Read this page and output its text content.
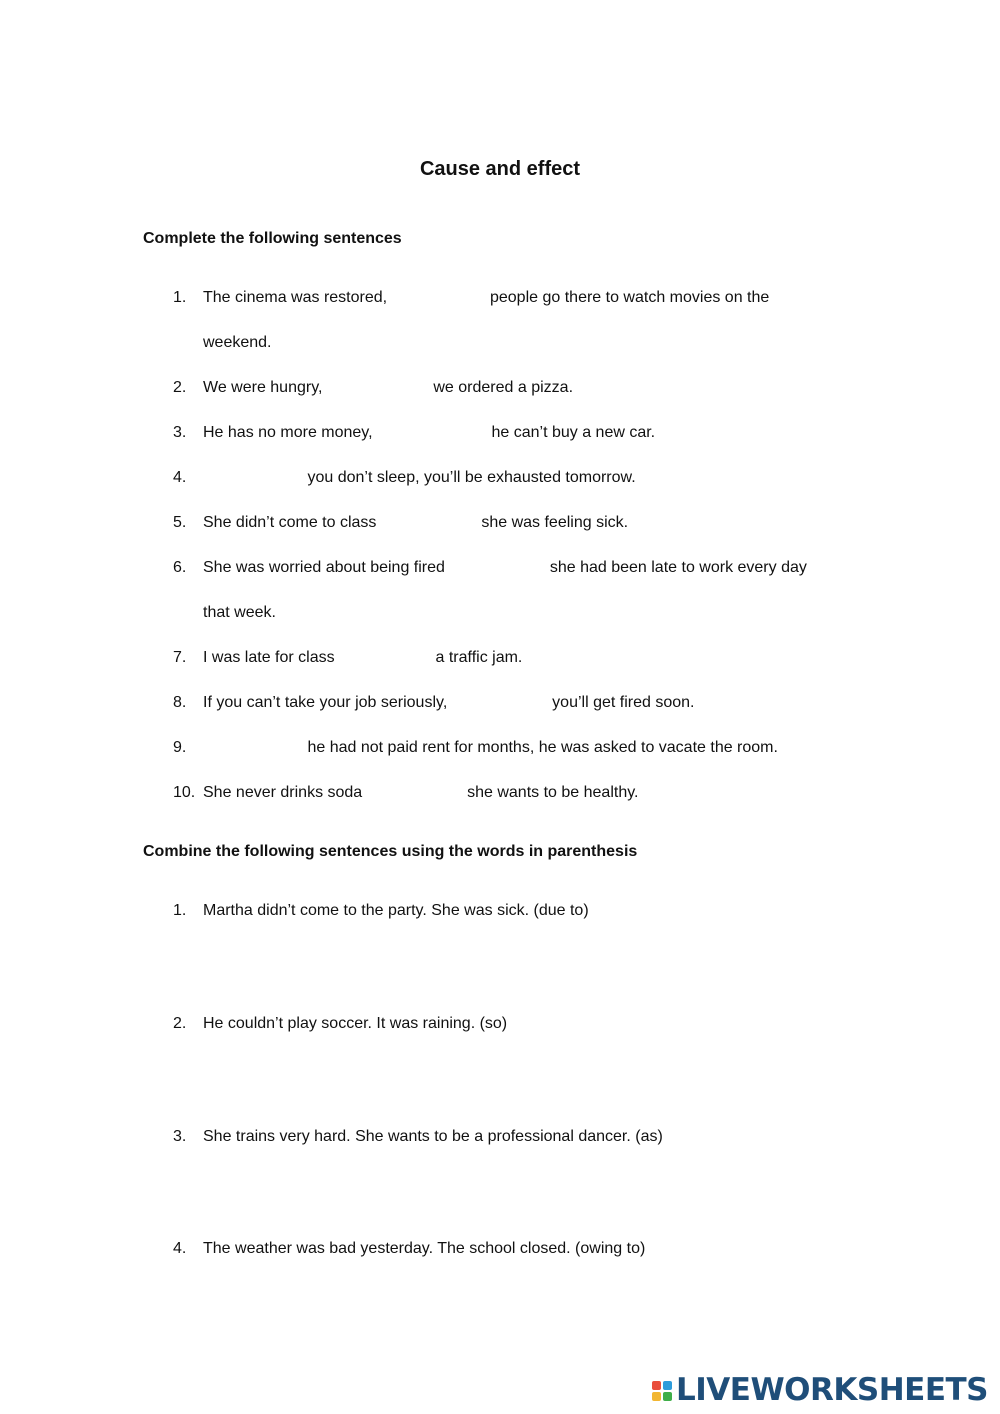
Cause and effect
Complete the following sentences
1.	The cinema was restored,	people go there to watch movies on the
weekend.
2.	We were hungry,	we ordered a pizza.
3.	He has no more money,	he can’t buy a new car.
4.	you don’t sleep, you’ll be exhausted tomorrow.
5.	She didn’t come to class	she was feeling sick.
6.	She was worried about being fired	she had been late to work every day
that week.
7.	I was late for class	a traffic jam.
8.	If you can’t take your job seriously,	you’ll get fired soon.
9.	he had not paid rent for months, he was asked to vacate the room.
10. She never drinks soda	she wants to be healthy.
Combine the following sentences using the words in parenthesis
1.	Martha didn’t come to the party. She was sick. (due to)
2.	He couldn’t play soccer. It was raining. (so)
3.	She trains very hard. She wants to be a professional dancer. (as)
4.	The weather was bad yesterday. The school closed. (owing to)
LIVEWORKSHEETS
